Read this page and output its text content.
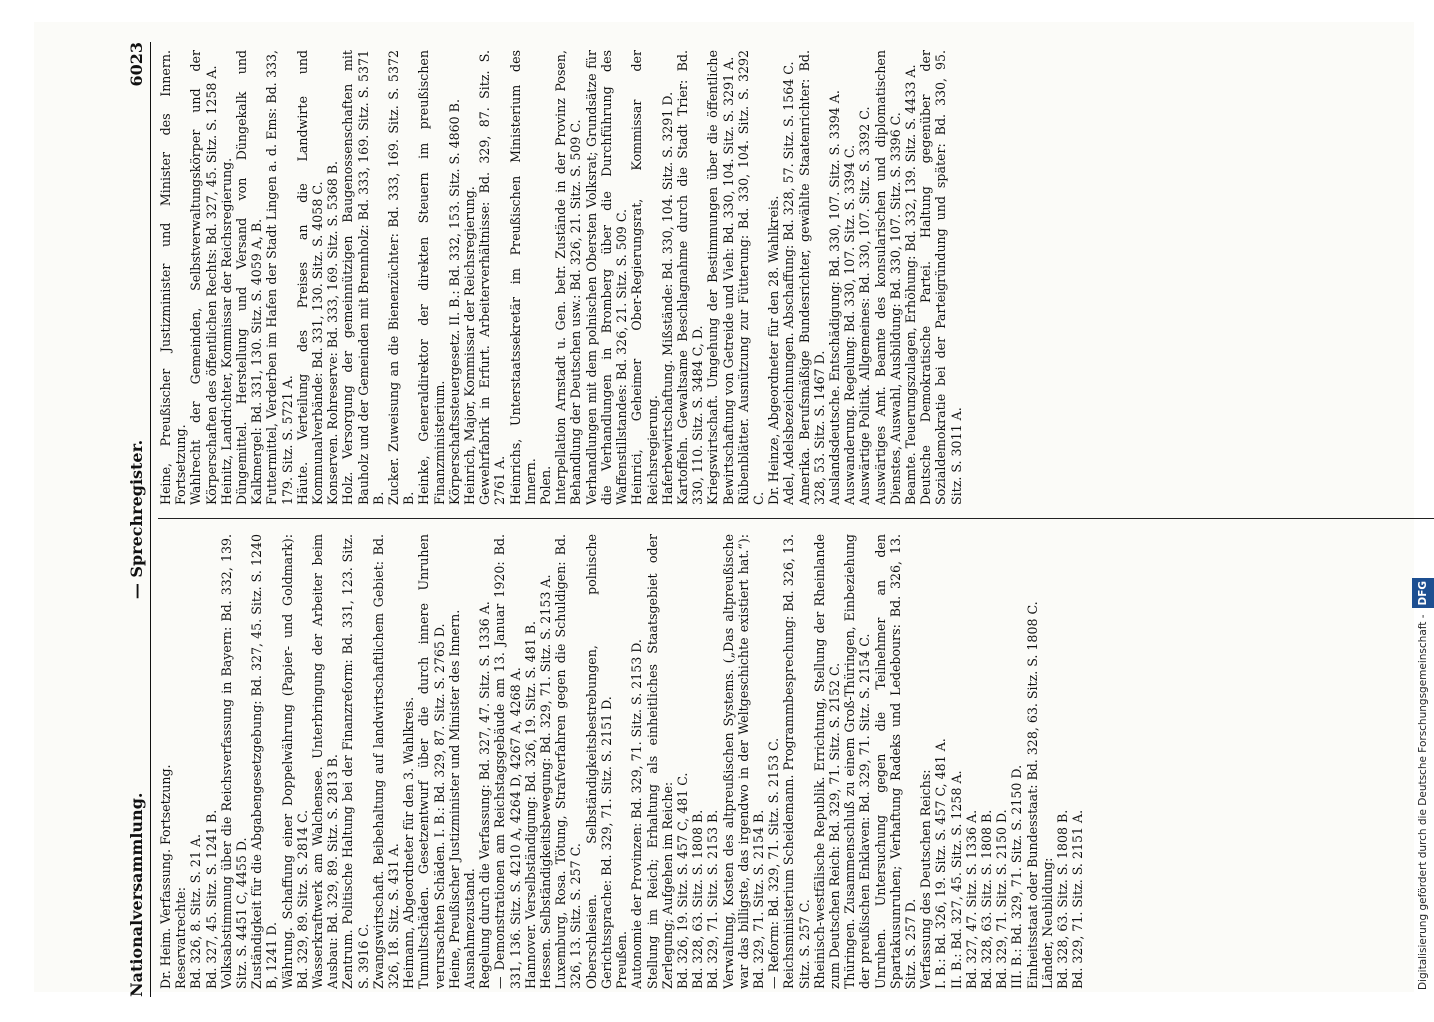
Nationalversammlung.
— Sprechregister.
6023

Dr. Heim. Verfassung. Fortsetzung. Reservatrechte: Bd. 326, 8. Sitz. S. 21 A. Bd. 327, 45. Sitz. S. 1241 B. Volksabstimmung über die Reichsverfassung in Bayern: Bd. 332, 139. Sitz. S. 4451 C, 4455 D. Zuständigkeit für die Abgabengesetzgebung: Bd. 327, 45. Sitz. S. 1240 B, 1241 D. Währung. Schaffung einer Doppelwährung (Papier- und Goldmark): Bd. 329, 89. Sitz. S. 2814 C. Wasserkraftwerk am Walchensee. Unterbringung der Arbeiter beim Ausbau: Bd. 329, 89. Sitz. S. 2813 B. Zentrum. Politische Haltung bei der Finanzreform: Bd. 331, 123. Sitz. S. 3916 C. Zwangswirtschaft. Beibehaltung auf landwirtschaftlichem Gebiet: Bd. 326, 18. Sitz. S. 431 A. Heimann, Abgeordneter für den 3. Wahlkreis. Tumultschäden. Gesetzentwurf über die durch innere Unruhen verursachten Schäden. I. B.: Bd. 329, 87. Sitz. S. 2765 D. Heine, Preußischer Justizminister und Minister des Innern. Ausnahmezustand. Regelung durch die Verfassung: Bd. 327, 47. Sitz. S. 1336 A. — Demonstrationen am Reichstagsgebäude am 13. Januar 1920: Bd. 331, 136. Sitz. S. 4210 A, 4264 D, 4267 A, 4268 A. Hannover. Verselbständigung: Bd. 326, 19. Sitz. S. 481 B. Hessen. Selbständigkeitsbewegung: Bd. 329, 71. Sitz. S. 2153 A. Luxemburg, Rosa. Tötung, Strafverfahren gegen die Schuldigen: Bd. 326, 13. Sitz. S. 257 C. Oberschlesien. Selbständigkeitsbestrebungen, polnische Gerichtssprache: Bd. 329, 71. Sitz. S. 2151 D. Preußen. Autonomie der Provinzen: Bd. 329, 71. Sitz. S. 2153 D. Stellung im Reich; Erhaltung als einheitliches Staatsgebiet oder Zerlegung; Aufgehen im Reiche: Bd. 326, 19. Sitz. S. 457 C, 481 C. Bd. 328, 63. Sitz. S. 1808 B. Bd. 329, 71. Sitz. S. 2153 B. Verwaltung, Kosten des altpreußischen Systems. („Das altpreußische war das billigste, das irgendwo in der Weltgeschichte existiert hat.“): Bd. 329, 71. Sitz. S. 2154 B. — Reform: Bd. 329, 71. Sitz. S. 2153 C. Reichsministerium Scheidemann. Programmbesprechung: Bd. 326, 13. Sitz. S. 257 C. Rheinisch-westfälische Republik. Errichtung, Stellung der Rheinlande zum Deutschen Reich: Bd. 329, 71. Sitz. S. 2152 C. Thüringen. Zusammenschluß zu einem Groß-Thüringen, Einbeziehung der preußischen Enklaven: Bd. 329, 71. Sitz. S. 2154 C. Unruhen. Untersuchung gegen die Teilnehmer an den Spartakusunruhen; Verhaftung Radeks und Ledebours: Bd. 326, 13. Sitz. S. 257 D. Verfassung des Deutschen Reichs: I. B.: Bd. 326, 19. Sitz. S. 457 C, 481 A. II. B.: Bd. 327, 45. Sitz. S. 1258 A. Bd. 327, 47. Sitz. S. 1336 A. Bd. 328, 63. Sitz. S. 1808 B. Bd. 329, 71. Sitz. S. 2150 D. III. B.: Bd. 329, 71. Sitz. S. 2150 D. Einheitsstaat oder Bundesstaat: Bd. 328, 63. Sitz. S. 1808 C. Länder, Neubildung: Bd. 328, 63. Sitz. S. 1808 B. Bd. 329, 71. Sitz. S. 2151 A.

Heine, Preußischer Justizminister und Minister des Innern. Fortsetzung. Wahlrecht der Gemeinden, Selbstverwaltungskörper und der Körperschaften des öffentlichen Rechts: Bd. 327, 45. Sitz. S. 1258 A. Heinitz, Landrichter, Kommissar der Reichsregierung. Düngemittel. Herstellung und Versand von Düngekalk und Kalkmergel: Bd. 331, 130. Sitz. S. 4059 A, B. Futtermittel, Verderben im Hafen der Stadt Lingen a. d. Ems: Bd. 333, 179. Sitz. S. 5721 A. Häute. Verteilung des Preises an die Landwirte und Kommunalverbände: Bd. 331, 130. Sitz. S. 4058 C. Konserven. Rohreserve: Bd. 333, 169. Sitz. S. 5368 B. Holz. Versorgung der gemeinnützigen Baugenossenschaften mit Bauholz und der Gemeinden mit Brennholz: Bd. 333, 169. Sitz. S. 5371 B. Zucker. Zuweisung an die Bienenzüchter: Bd. 333, 169. Sitz. S. 5372 B. Heinke, Generaldirektor der direkten Steuern im preußischen Finanzministerium. Körperschaftssteuergesetz. II. B.: Bd. 332, 153. Sitz. S. 4860 B. Heinrich, Major, Kommissar der Reichsregierung. Gewehrfabrik in Erfurt. Arbeiterverhältnisse: Bd. 329, 87. Sitz. S. 2761 A. Heinrichs, Unterstaatssekretär im Preußischen Ministerium des Innern. Polen. Interpellation Arnstadt u. Gen. betr. Zustände in der Provinz Posen, Behandlung der Deutschen usw.: Bd. 326, 21. Sitz. S. 509 C. Verhandlungen mit dem polnischen Obersten Volksrat; Grundsätze für die Verhandlungen in Bromberg über die Durchführung des Waffenstillstandes: Bd. 326, 21. Sitz. S. 509 C. Heinrici, Geheimer Ober-Regierungsrat, Kommissar der Reichsregierung. Haferbewirtschaftung. Mißstände: Bd. 330, 104. Sitz. S. 3291 D. Kartoffeln. Gewaltsame Beschlagnahme durch die Stadt Trier: Bd. 330, 110. Sitz. S. 3484 C, D. Kriegswirtschaft. Umgehung der Bestimmungen über die öffentliche Bewirtschaftung von Getreide und Vieh: Bd. 330, 104. Sitz. S. 3291 A. Rübenblätter. Ausnützung zur Fütterung: Bd. 330, 104. Sitz. S. 3292 C. Dr. Heinze, Abgeordneter für den 28. Wahlkreis. Adel, Adelsbezeichnungen. Abschaffung: Bd. 328, 57. Sitz. S. 1564 C. Amerika. Berufsmäßige Bundesrichter, gewählte Staatenrichter: Bd. 328, 53. Sitz. S. 1467 D. Auslandsdeutsche. Entschädigung: Bd. 330, 107. Sitz. S. 3394 A. Auswanderung. Regelung: Bd. 330, 107. Sitz. S. 3394 C. Auswärtige Politik. Allgemeines: Bd. 330, 107. Sitz. S. 3392 C. Auswärtiges Amt. Beamte des konsularischen und diplomatischen Dienstes, Auswahl, Ausbildung: Bd. 330, 107. Sitz. S. 3396 C. Beamte. Teuerungszulagen, Erhöhung: Bd. 332, 139. Sitz. S. 4433 A. Deutsche Demokratische Partei. Haltung gegenüber der Sozialdemokratie bei der Parteigründung und später: Bd. 330, 95. Sitz. S. 3011 A.

Digitalisierung gefördert durch die Deutsche Forschungsgemeinschaft -DFG
